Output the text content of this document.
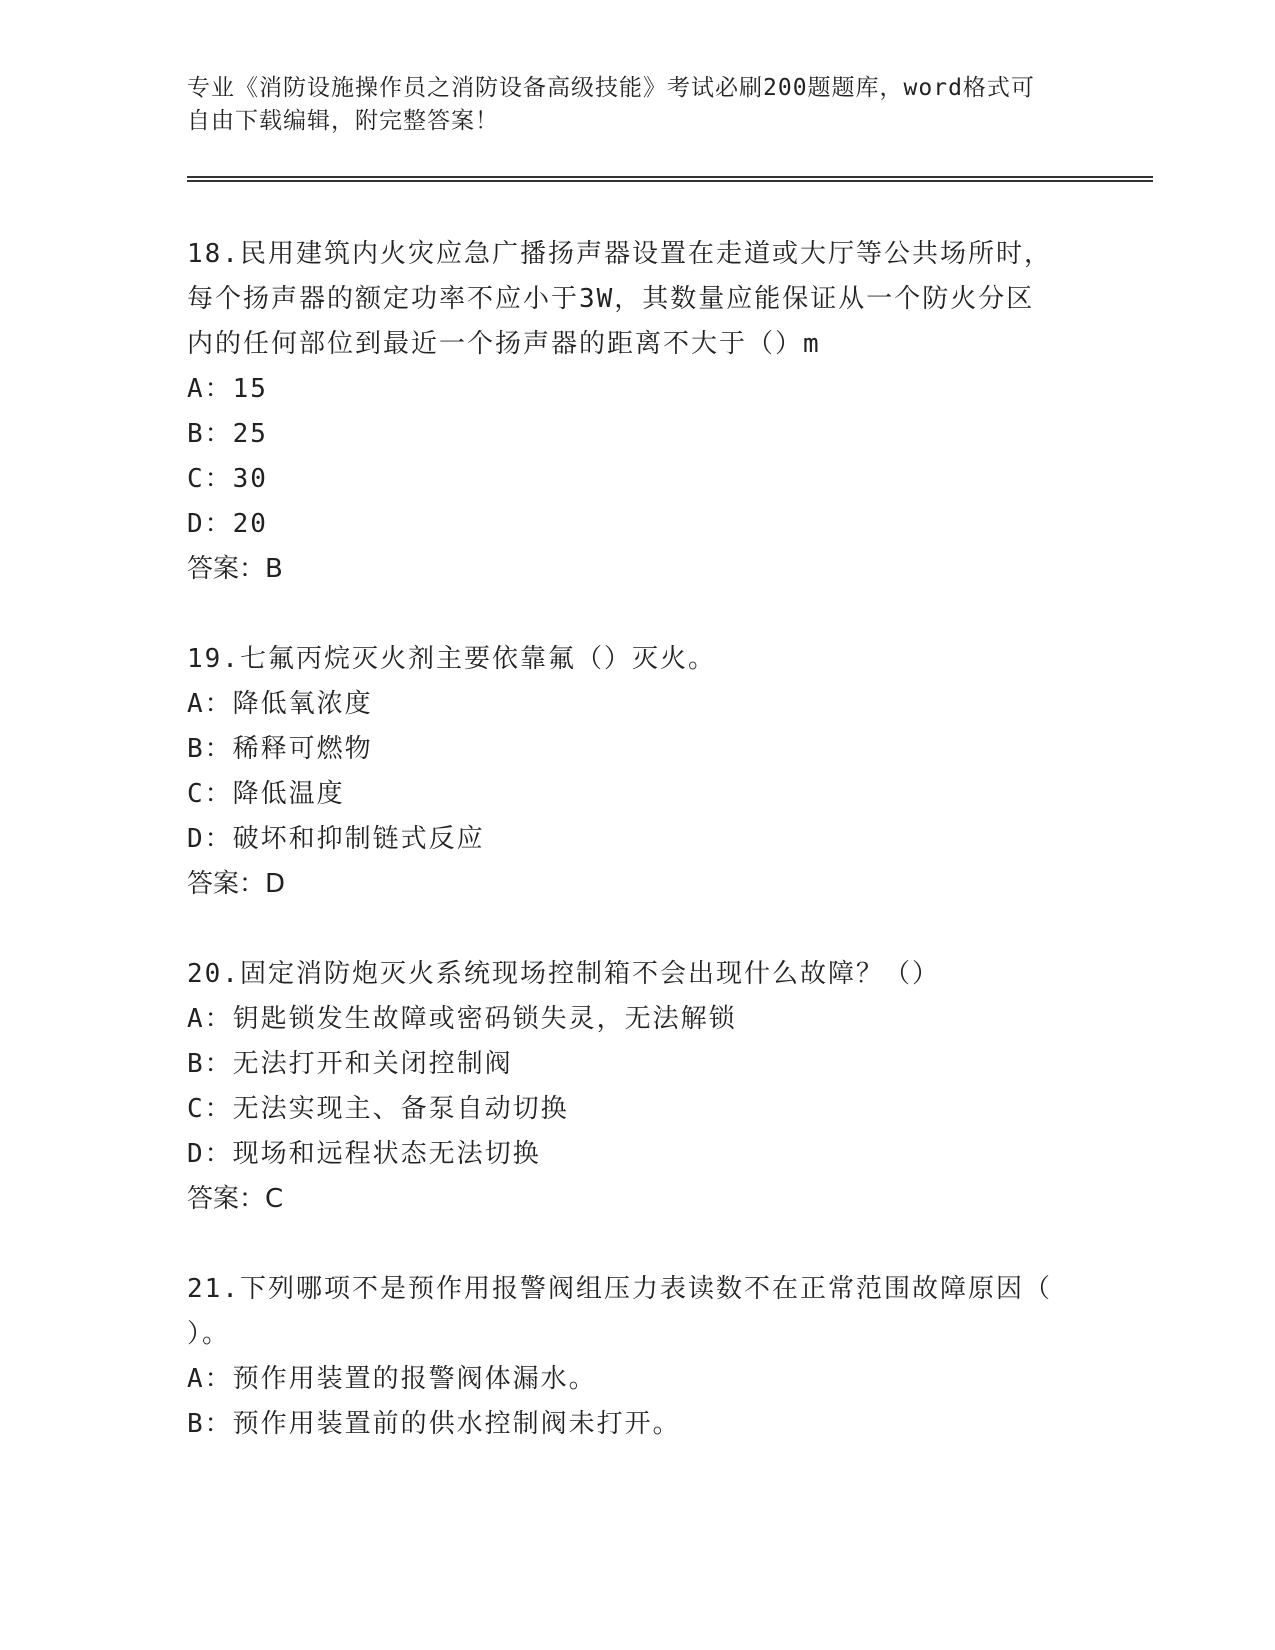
专业《消防设施操作员之消防设备高级技能》考试必刷200题题库，word格式可
自由下载编辑，附完整答案！
18.民用建筑内火灾应急广播扬声器设置在走道或大厅等公共场所时，
每个扬声器的额定功率不应小于3W，其数量应能保证从一个防火分区
内的任何部位到最近一个扬声器的距离不大于（）m
A：15
B：25
C：30
D：20
答案：B
19.七氟丙烷灭火剂主要依靠氟（）灭火。
A：降低氧浓度
B：稀释可燃物
C：降低温度
D：破坏和抑制链式反应
答案：D
20.固定消防炮灭火系统现场控制箱不会出现什么故障？（）
A：钥匙锁发生故障或密码锁失灵，无法解锁
B：无法打开和关闭控制阀
C：无法实现主、备泵自动切换
D：现场和远程状态无法切换
答案：C
21.下列哪项不是预作用报警阀组压力表读数不在正常范围故障原因（
）。
A：预作用装置的报警阀体漏水。
B：预作用装置前的供水控制阀未打开。
